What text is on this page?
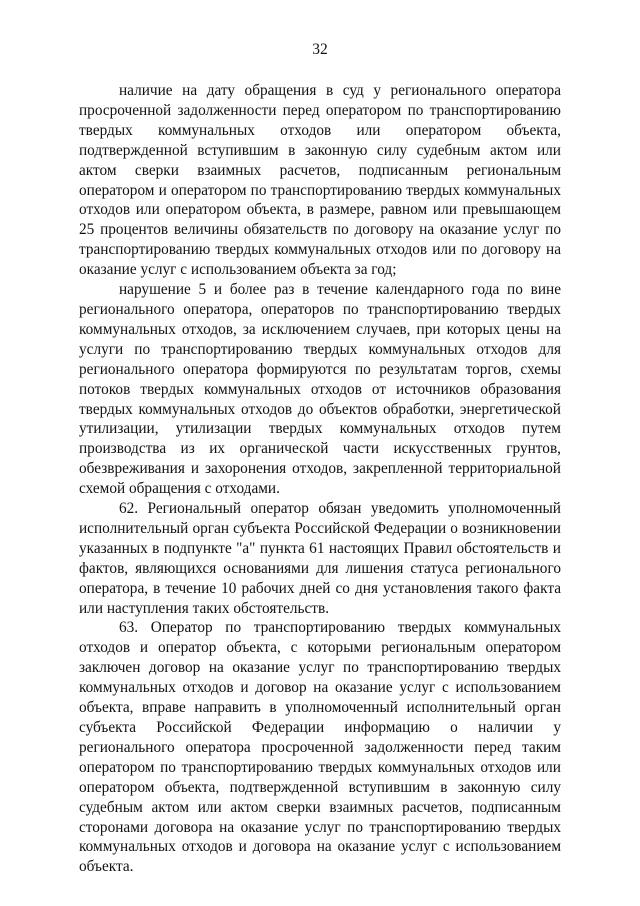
32

наличие на дату обращения в суд у регионального оператора просроченной задолженности перед оператором по транспортированию твердых коммунальных отходов или оператором объекта, подтвержденной вступившим в законную силу судебным актом или актом сверки взаимных расчетов, подписанным региональным оператором и оператором по транспортированию твердых коммунальных отходов или оператором объекта, в размере, равном или превышающем 25 процентов величины обязательств по договору на оказание услуг по транспортированию твердых коммунальных отходов или по договору на оказание услуг с использованием объекта за год;

нарушение 5 и более раз в течение календарного года по вине регионального оператора, операторов по транспортированию твердых коммунальных отходов, за исключением случаев, при которых цены на услуги по транспортированию твердых коммунальных отходов для регионального оператора формируются по результатам торгов, схемы потоков твердых коммунальных отходов от источников образования твердых коммунальных отходов до объектов обработки, энергетической утилизации, утилизации твердых коммунальных отходов путем производства из их органической части искусственных грунтов, обезвреживания и захоронения отходов, закрепленной территориальной схемой обращения с отходами.

62. Региональный оператор обязан уведомить уполномоченный исполнительный орган субъекта Российской Федерации о возникновении указанных в подпункте "а" пункта 61 настоящих Правил обстоятельств и фактов, являющихся основаниями для лишения статуса регионального оператора, в течение 10 рабочих дней со дня установления такого факта или наступления таких обстоятельств.

63. Оператор по транспортированию твердых коммунальных отходов и оператор объекта, с которыми региональным оператором заключен договор на оказание услуг по транспортированию твердых коммунальных отходов и договор на оказание услуг с использованием объекта, вправе направить в уполномоченный исполнительный орган субъекта Российской Федерации информацию о наличии у регионального оператора просроченной задолженности перед таким оператором по транспортированию твердых коммунальных отходов или оператором объекта, подтвержденной вступившим в законную силу судебным актом или актом сверки взаимных расчетов, подписанным сторонами договора на оказание услуг по транспортированию твердых коммунальных отходов и договора на оказание услуг с использованием объекта.
